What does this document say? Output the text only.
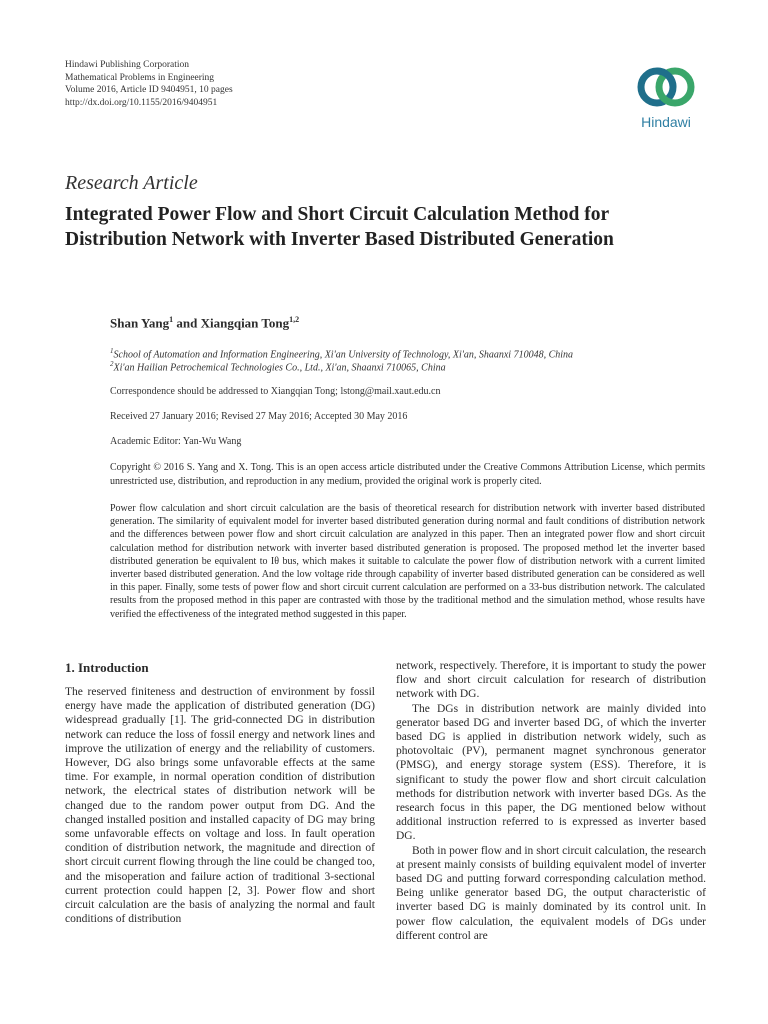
Hindawi Publishing Corporation
Mathematical Problems in Engineering
Volume 2016, Article ID 9404951, 10 pages
http://dx.doi.org/10.1155/2016/9404951
Hindawi
Research Article
Integrated Power Flow and Short Circuit Calculation Method for Distribution Network with Inverter Based Distributed Generation
Shan Yang$^1$ and Xiangqian Tong$^{1,2}$
$^1$School of Automation and Information Engineering, Xi'an University of Technology, Xi'an, Shaanxi 710048, China
$^2$Xi'an Hailian Petrochemical Technologies Co., Ltd., Xi'an, Shaanxi 710065, China
Correspondence should be addressed to Xiangqian Tong; lstong@mail.xaut.edu.cn
Received 27 January 2016; Revised 27 May 2016; Accepted 30 May 2016
Academic Editor: Yan-Wu Wang
Copyright © 2016 S. Yang and X. Tong. This is an open access article distributed under the Creative Commons Attribution License, which permits unrestricted use, distribution, and reproduction in any medium, provided the original work is properly cited.
Power flow calculation and short circuit calculation are the basis of theoretical research for distribution network with inverter based distributed generation. The similarity of equivalent model for inverter based distributed generation during normal and fault conditions of distribution network and the differences between power flow and short circuit calculation are analyzed in this paper. Then an integrated power flow and short circuit calculation method for distribution network with inverter based distributed generation is proposed. The proposed method let the inverter based distributed generation be equivalent to Iθ bus, which makes it suitable to calculate the power flow of distribution network with a current limited inverter based distributed generation. And the low voltage ride through capability of inverter based distributed generation can be considered as well in this paper. Finally, some tests of power flow and short circuit current calculation are performed on a 33-bus distribution network. The calculated results from the proposed method in this paper are contrasted with those by the traditional method and the simulation method, whose results have verified the effectiveness of the integrated method suggested in this paper.
1. Introduction

The reserved finiteness and destruction of environment by fossil energy have made the application of distributed generation (DG) widespread gradually [1]. The grid-connected DG in distribution network can reduce the loss of fossil energy and network lines and improve the utilization of energy and the reliability of customers. However, DG also brings some unfavorable effects at the same time. For example, in normal operation condition of distribution network, the electrical states of distribution network will be changed due to the random power output from DG. And the changed installed position and installed capacity of DG may bring some unfavorable effects on voltage and loss. In fault operation condition of distribution network, the magnitude and direction of short circuit current flowing through the line could be changed too, and the misoperation and failure action of traditional 3-sectional current protection could happen [2, 3]. Power flow and short circuit calculation are the basis of analyzing the normal and fault conditions of distribution

network, respectively. Therefore, it is important to study the power flow and short circuit calculation for research of distribution network with DG.

The DGs in distribution network are mainly divided into generator based DG and inverter based DG, of which the inverter based DG is applied in distribution network widely, such as photovoltaic (PV), permanent magnet synchronous generator (PMSG), and energy storage system (ESS). Therefore, it is significant to study the power flow and short circuit calculation methods for distribution network with inverter based DGs. As the research focus in this paper, the DG mentioned below without additional instruction referred to is expressed as inverter based DG.

Both in power flow and in short circuit calculation, the research at present mainly consists of building equivalent model of inverter based DG and putting forward corresponding calculation method. Being unlike generator based DG, the output characteristic of inverter based DG is mainly dominated by its control unit. In power flow calculation, the equivalent models of DGs under different control are
